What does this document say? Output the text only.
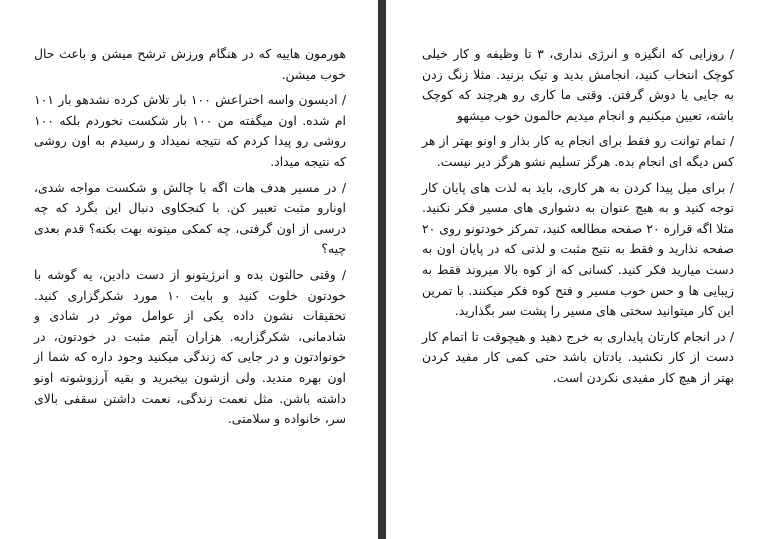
هورمون هاییه که در هنگام ورزش ترشح میشن و باعث حال خوب میشن.

/ ادیسون واسه اختراعش ۱۰۰ بار تلاش کرده نشدهو بار ۱۰۱ ام شده. اون میگفته من ۱۰۰ بار شکست نخوردم بلکه ۱۰۰ روشی رو پیدا کردم که نتیجه نمیداد و رسیدم به اون روشی که نتیجه میداد.

/ در مسیر هدف هات اگه با چالش و شکست مواجه شدی، اونارو مثبت تعبیر کن. با کنجکاوی دنبال این بگرد که چه درسی از اون گرفتی، چه کمکی میتونه بهت بکنه؟ قدم بعدی چیه؟

/ وقتی حالتون بده و انرژیتونو از دست دادین، یه گوشه با خودتون خلوت کنید و بابت ۱۰ مورد شکرگزاری کنید. تحقیقات نشون داده یکی از عوامل موثر در شادی و شادمانی، شکرگزاریه. هزاران آیتم مثبت در خودتون، در خونوادتون و در جایی که زندگی میکنید وجود داره که شما از اون بهره مندید. ولی ازشون بیخبرید و بقیه آرزوشونه اونو داشته باشن. مثل نعمت زندگی، نعمت داشتن سقفی بالای سر، خانواده و سلامتی.

/ روزایی که انگیزه و انرژی نداری، ۳ تا وظیفه و کار خیلی کوچک انتخاب کنید، انجامش بدید و تیک بزنید. مثلا زنگ زدن به جایی یا دوش گرفتن. وقتی ما کاری رو هرچند که کوچک باشه، تعیین میکنیم و انجام میدیم حالمون خوب میشهو

/ تمام توانت رو فقط برای انجام یه کار بذار و اونو بهتر از هر کس دیگه ای انجام بده. هرگز تسلیم نشو هرگز دیر نیست.

/ برای میل پیدا کردن به هر کاری، باید به لذت های پایان کار توجه کنید و به هیچ عنوان به دشواری های مسیر فکر نکنید. مثلا اگه قراره ۲۰ صفحه مطالعه کنید، تمرکز خودتونو روی ۲۰ صفحه نذارید و فقط به نتیج مثبت و لذتی که در پایان اون به دست میارید فکر کنید. کسانی که از کوه بالا میروند فقط به زیبایی ها و حس خوب مسیر و فتح کوه فکر میکنند. با تمرین این کار میتوانید سختی های مسیر را پشت سر بگذارید.

/ در انجام کارتان پایداری به خرج دهید و هیچوقت تا اتمام کار دست از کار نکشید. یادتان باشد حتی کمی کار مفید کردن بهتر از هیچ کار مفیدی نکردن است.
